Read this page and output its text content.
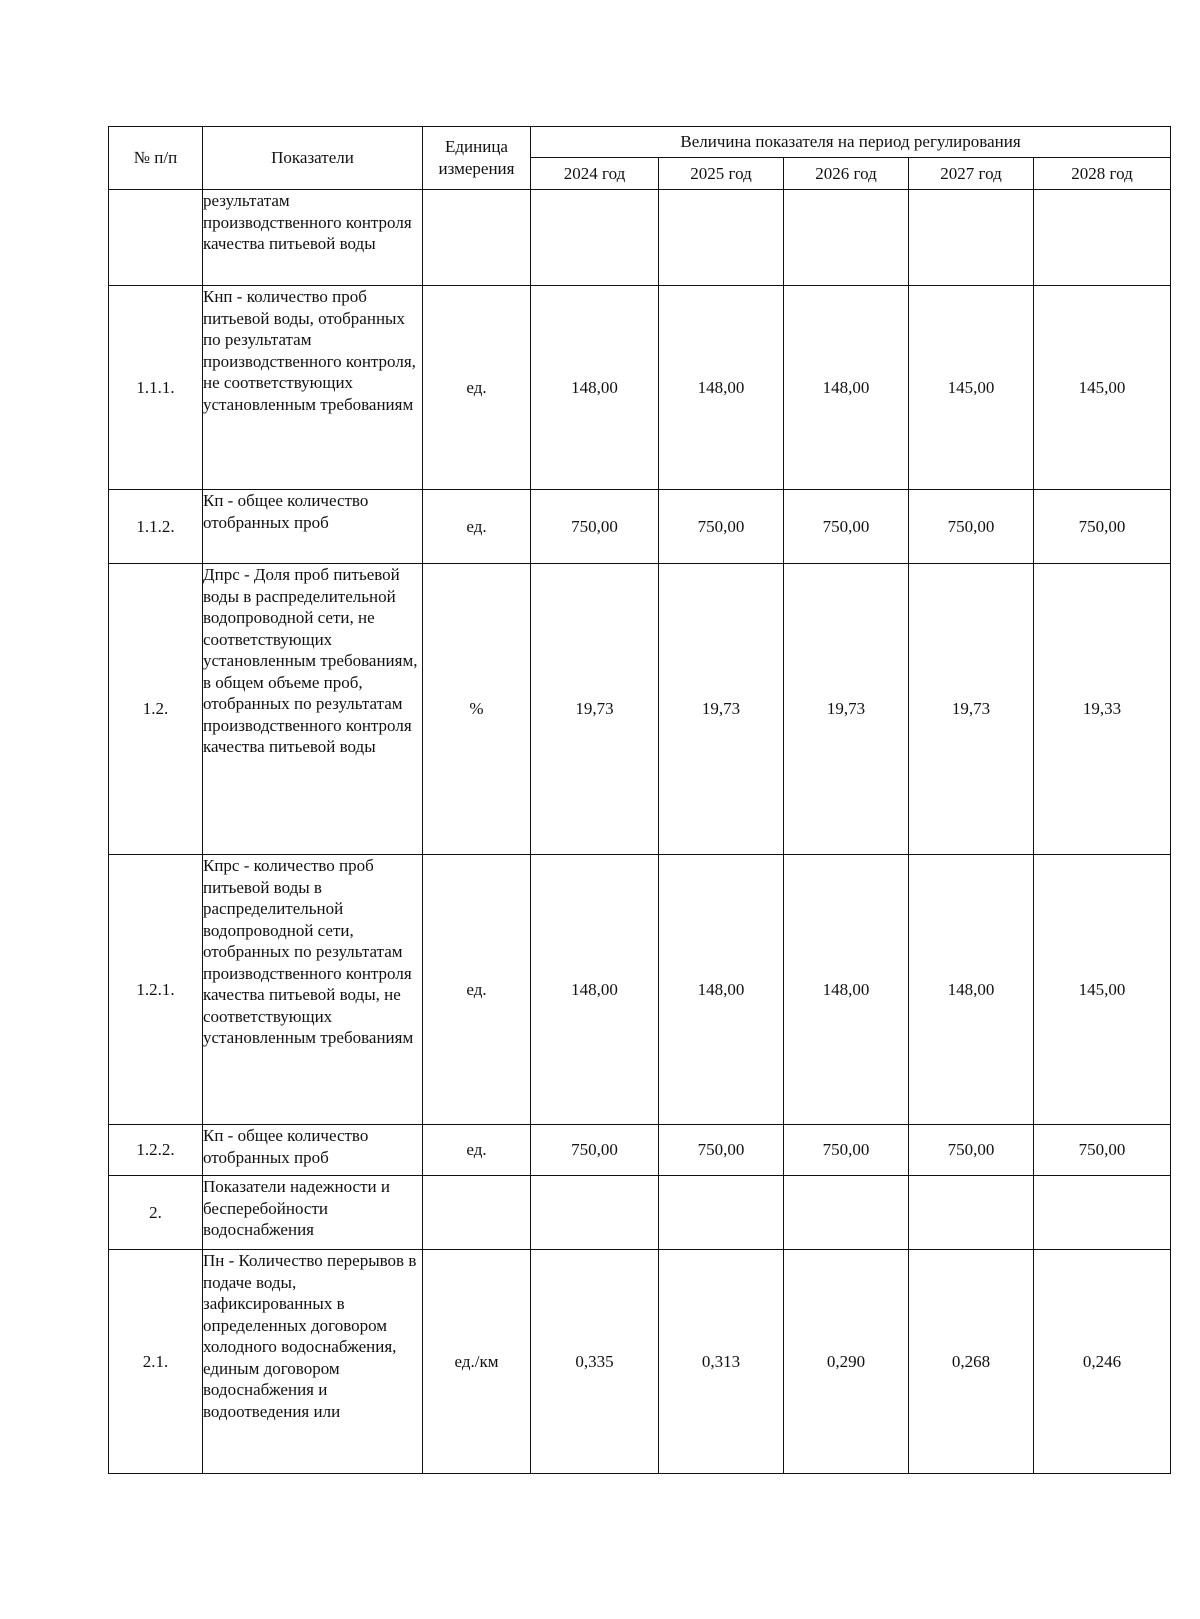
№ п/п	Показатели	Единица измерения	Величина показателя на период регулирования				
			2024 год	2025 год	2026 год	2027 год	2028 год
	результатам производственного контроля качества питьевой воды						
1.1.1.	Кнп - количество проб питьевой воды, отобранных по результатам производственного контроля, не соответствующих установленным требованиям	ед.	148,00	148,00	148,00	145,00	145,00
1.1.2.	Кп - общее количество отобранных проб	ед.	750,00	750,00	750,00	750,00	750,00
1.2.	Дпрс - Доля проб питьевой воды в распределительной водопроводной сети, не соответствующих установленным требованиям, в общем объеме проб, отобранных по результатам производственного контроля качества питьевой воды	%	19,73	19,73	19,73	19,73	19,33
1.2.1.	Кпрс - количество проб питьевой воды в распределительной водопроводной сети, отобранных по результатам производственного контроля качества питьевой воды, не соответствующих установленным требованиям	ед.	148,00	148,00	148,00	148,00	145,00
1.2.2.	Кп - общее количество отобранных проб	ед.	750,00	750,00	750,00	750,00	750,00
2.	Показатели надежности и бесперебойности водоснабжения						
2.1.	Пн - Количество перерывов в подаче воды, зафиксированных в определенных договором холодного водоснабжения, единым договором водоснабжения и водоотведения или	ед./км	0,335	0,313	0,290	0,268	0,246
